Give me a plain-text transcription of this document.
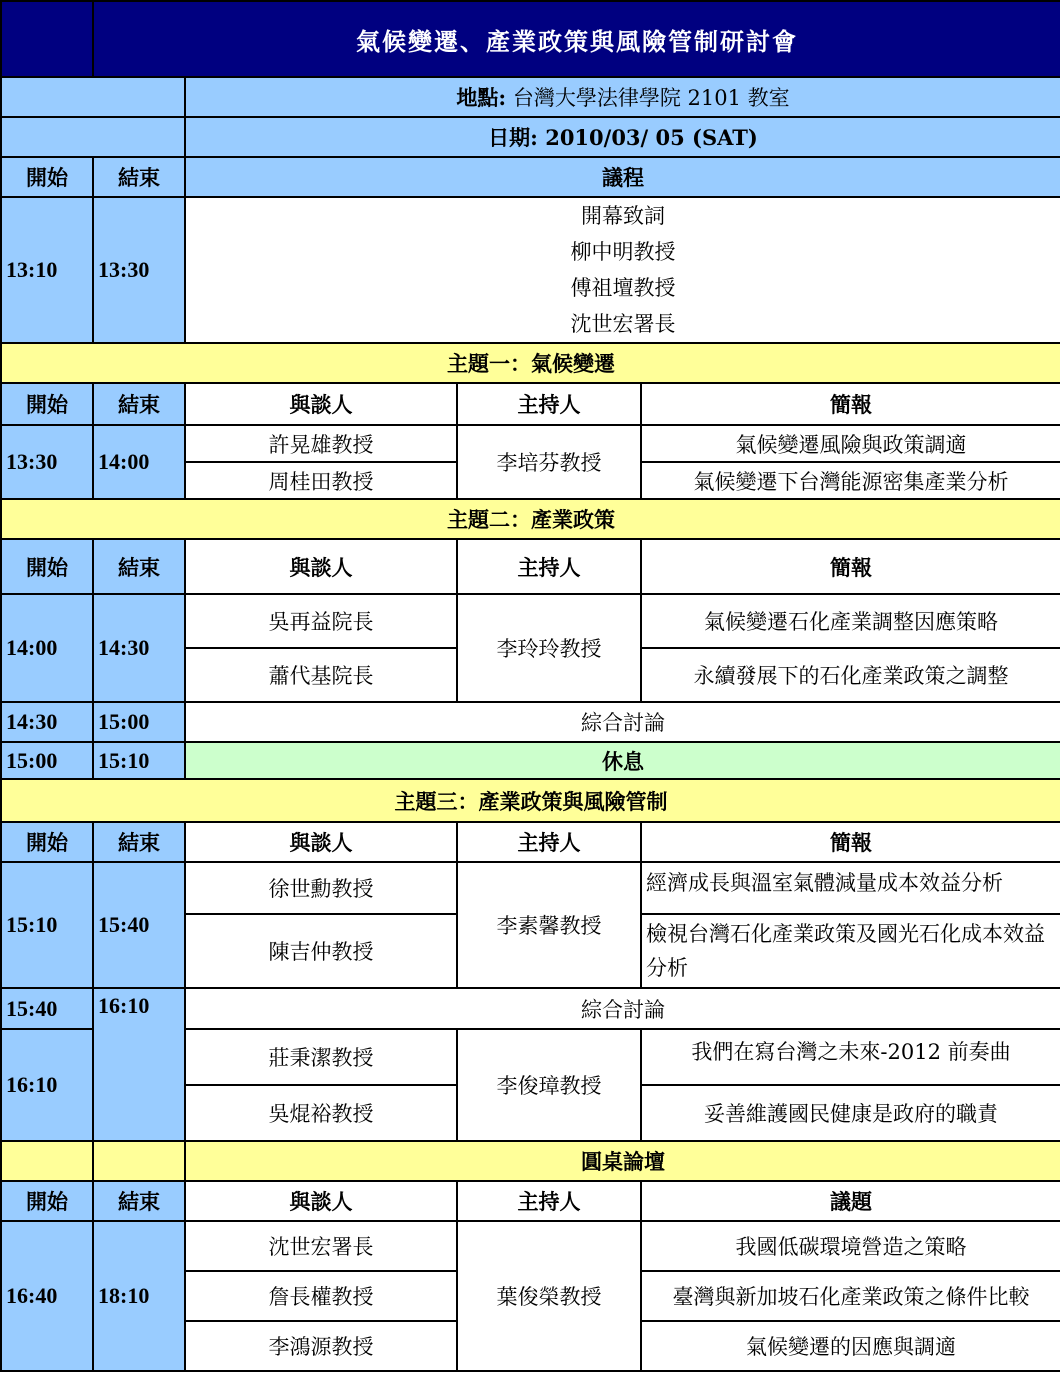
	氣候變遷、產業政策與風險管制研討會			
		地點: 台灣大學法律學院 2101 教室		
		日期: 2010/03/ 05 (SAT)		
開始	結束	議程		
13:10	13:30	開幕致詞
柳中明教授
傅祖壇教授
沈世宏署長		

主題一：氣候變遷				
開始	結束	與談人	主持人	簡報
13:30	14:00	許晃雄教授	李培芬教授	氣候變遷風險與政策調適
		周桂田教授		氣候變遷下台灣能源密集產業分析
主題二：產業政策				
開始	結束	與談人	主持人	簡報
14:00	14:30	吳再益院長	李玲玲教授	氣候變遷石化產業調整因應策略
		蕭代基院長		永續發展下的石化產業政策之調整
14:30	15:00	綜合討論		
15:00	15:10	休息		
主題三：產業政策與風險管制				
開始	結束	與談人	主持人	簡報
15:10	15:40	徐世勳教授	李素馨教授	經濟成長與溫室氣體減量成本效益分析
		陳吉仲教授		檢視台灣石化產業政策及國光石化成本效益分析
15:40	16:10	綜合討論		
16:10		莊秉潔教授	李俊璋教授	我們在寫台灣之未來-2012 前奏曲
		吳焜裕教授		妥善維護國民健康是政府的職責
		圓桌論壇		
開始	結束	與談人	主持人	議題
16:40	18:10	沈世宏署長	葉俊榮教授	我國低碳環境營造之策略
		詹長權教授		臺灣與新加坡石化產業政策之條件比較
		李鴻源教授		氣候變遷的因應與調適
